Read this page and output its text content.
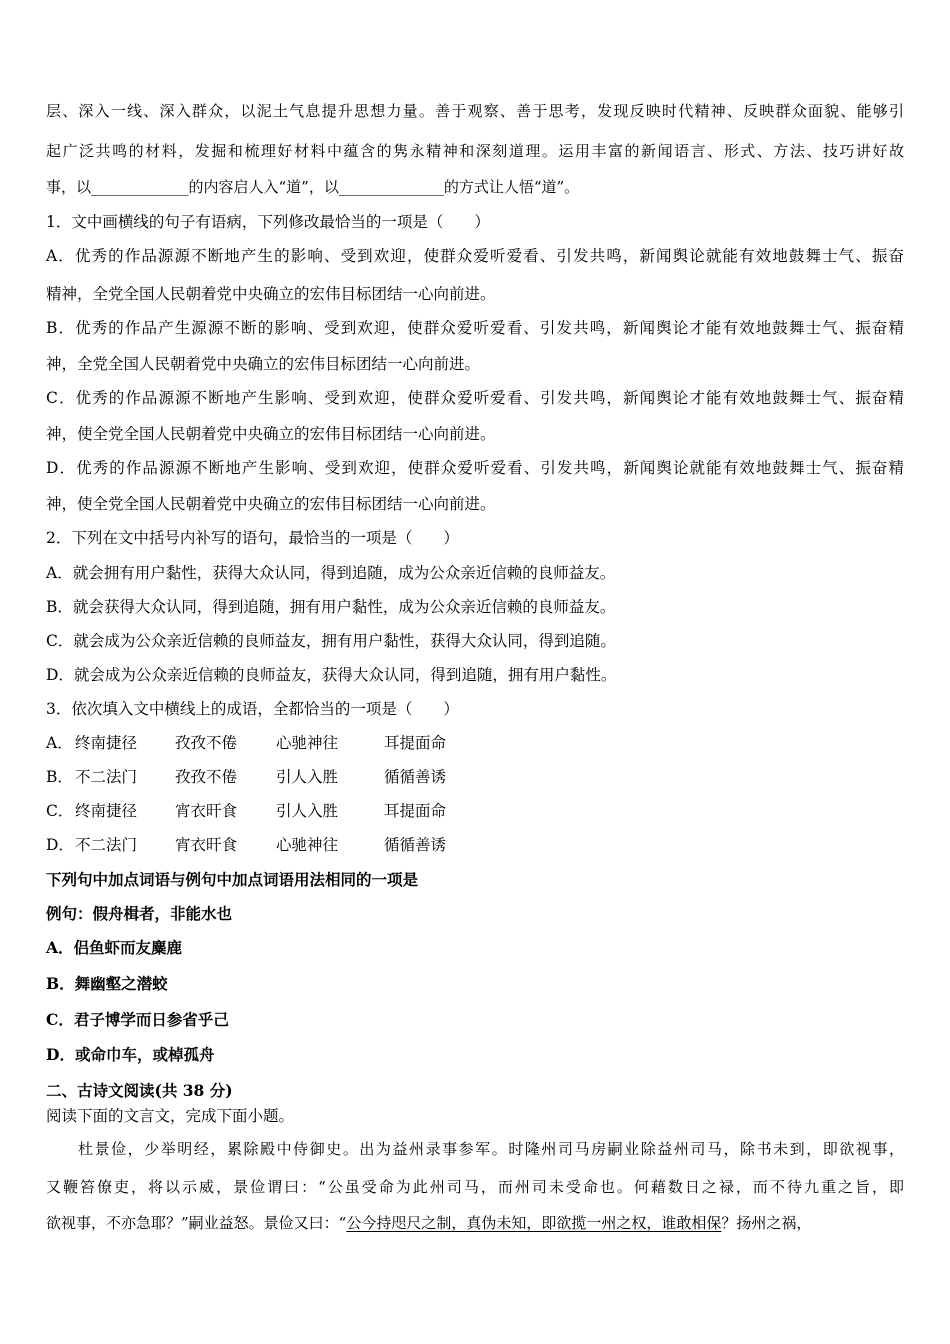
层、深入一线、深入群众，以泥土气息提升思想力量。善于观察、善于思考，发现反映时代精神、反映群众面貌、能够引
起广泛共鸣的材料，发掘和梳理好材料中蕴含的隽永精神和深刻道理。运用丰富的新闻语言、形式、方法、技巧讲好故
事，以_____________的内容启人入“道”，以______________的方式让人悟“道”。
1．文中画横线的句子有语病，下列修改最恰当的一项是（　　）
A．优秀的作品源源不断地产生的影响、受到欢迎，使群众爱听爱看、引发共鸣，新闻舆论就能有效地鼓舞士气、振奋
精神，全党全国人民朝着党中央确立的宏伟目标团结一心向前进。
B．优秀的作品产生源源不断的影响、受到欢迎，使群众爱听爱看、引发共鸣，新闻舆论才能有效地鼓舞士气、振奋精
神，全党全国人民朝着党中央确立的宏伟目标团结一心向前进。
C．优秀的作品源源不断地产生影响、受到欢迎，使群众爱听爱看、引发共鸣，新闻舆论才能有效地鼓舞士气、振奋精
神，使全党全国人民朝着党中央确立的宏伟目标团结一心向前进。
D．优秀的作品源源不断地产生影响、受到欢迎，使群众爱听爱看、引发共鸣，新闻舆论就能有效地鼓舞士气、振奋精
神，使全党全国人民朝着党中央确立的宏伟目标团结一心向前进。
2．下列在文中括号内补写的语句，最恰当的一项是（　　）
A．就会拥有用户黏性，获得大众认同，得到追随，成为公众亲近信赖的良师益友。
B．就会获得大众认同，得到追随，拥有用户黏性，成为公众亲近信赖的良师益友。
C．就会成为公众亲近信赖的良师益友，拥有用户黏性，获得大众认同，得到追随。
D．就会成为公众亲近信赖的良师益友，获得大众认同，得到追随，拥有用户黏性。
3．依次填入文中横线上的成语，全都恰当的一项是（　　）
A． 终南捷径 孜孜不倦	心驰神往	耳提面命
B． 不二法门 孜孜不倦	引人入胜	循循善诱
C． 终南捷径 宵衣旰食	引人入胜	耳提面命
D．不二法门 宵衣旰食	心驰神往	循循善诱
下列句中加点词语与例句中加点词语用法相同的一项是
例句：假舟楫者，非能水也
A．侣鱼虾而友麋鹿
B．舞幽壑之潜蛟
C．君子博学而日参省乎己
D．或命巾车，或棹孤舟
二、古诗文阅读(共 38 分)
阅读下面的文言文，完成下面小题。
杜景俭，少举明经，累除殿中侍御史。出为益州录事参军。时隆州司马房嗣业除益州司马，除书未到，即欲视事，
又鞭笞僚吏，将以示威，景俭谓曰：“公虽受命为此州司马，而州司未受命也。何藉数日之禄，而不待九重之旨，即
欲视事，不亦急耶？”嗣业益怒。景俭又曰：“公今持咫尺之制，真伪未知，即欲揽一州之权，谁敢相保？扬州之祸，
